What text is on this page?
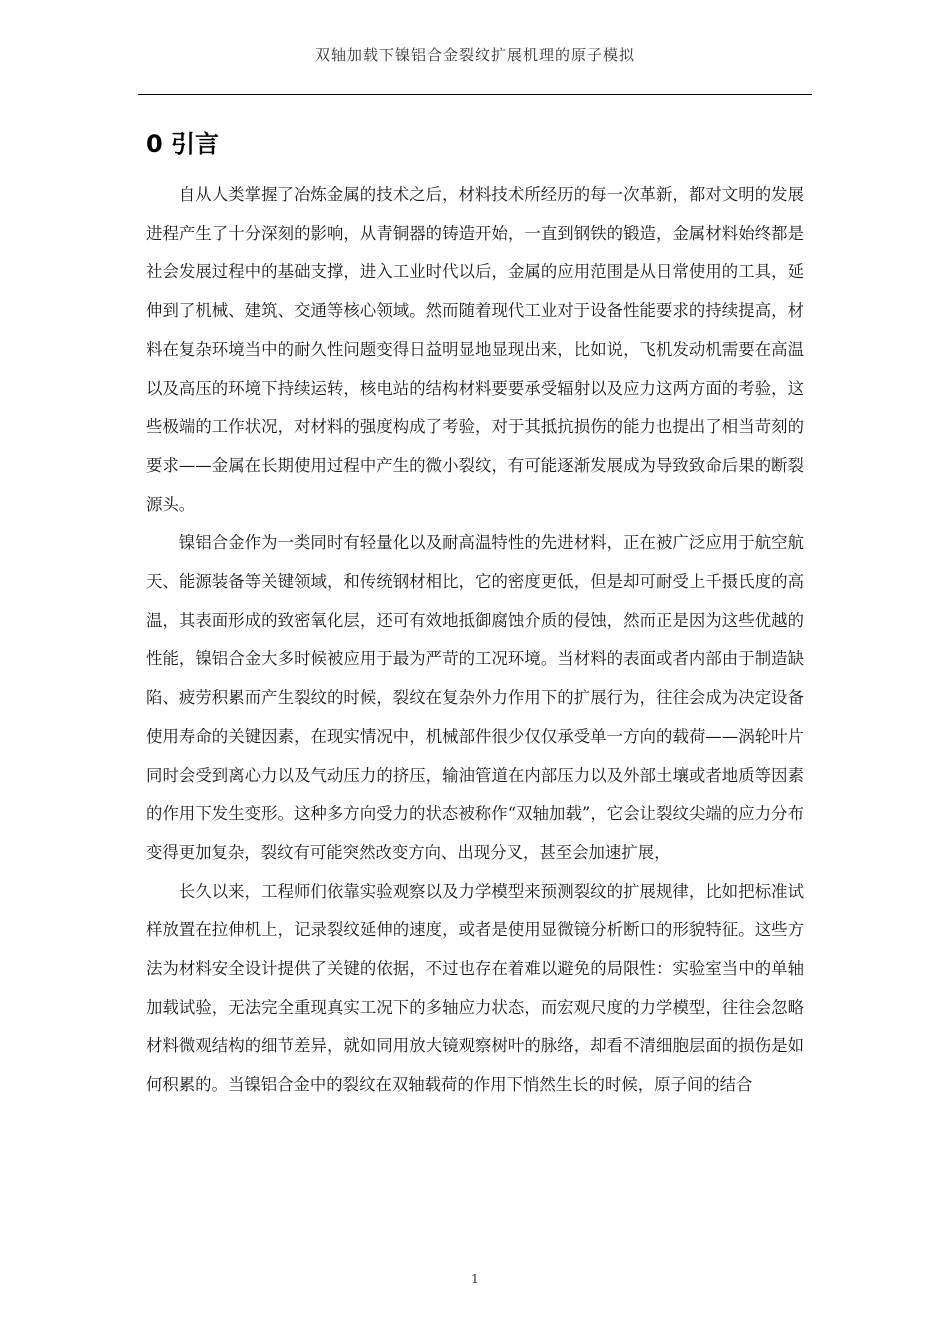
双轴加载下镍铝合金裂纹扩展机理的原子模拟
0 引言

自从人类掌握了冶炼金属的技术之后，材料技术所经历的每一次革新，都对文明的发展进程产生了十分深刻的影响，从青铜器的铸造开始，一直到钢铁的锻造，金属材料始终都是社会发展过程中的基础支撑，进入工业时代以后，金属的应用范围是从日常使用的工具，延伸到了机械、建筑、交通等核心领域。然而随着现代工业对于设备性能要求的持续提高，材料在复杂环境当中的耐久性问题变得日益明显地显现出来，比如说，飞机发动机需要在高温以及高压的环境下持续运转，核电站的结构材料要要承受辐射以及应力这两方面的考验，这些极端的工作状况，对材料的强度构成了考验，对于其抵抗损伤的能力也提出了相当苛刻的要求——金属在长期使用过程中产生的微小裂纹，有可能逐渐发展成为导致致命后果的断裂源头。

镍铝合金作为一类同时有轻量化以及耐高温特性的先进材料，正在被广泛应用于航空航天、能源装备等关键领域，和传统钢材相比，它的密度更低，但是却可耐受上千摄氏度的高温，其表面形成的致密氧化层，还可有效地抵御腐蚀介质的侵蚀，然而正是因为这些优越的性能，镍铝合金大多时候被应用于最为严苛的工况环境。当材料的表面或者内部由于制造缺陷、疲劳积累而产生裂纹的时候，裂纹在复杂外力作用下的扩展行为，往往会成为决定设备使用寿命的关键因素，在现实情况中，机械部件很少仅仅承受单一方向的载荷——涡轮叶片同时会受到离心力以及气动压力的挤压，输油管道在内部压力以及外部土壤或者地质等因素的作用下发生变形。这种多方向受力的状态被称作“双轴加载”，它会让裂纹尖端的应力分布变得更加复杂，裂纹有可能突然改变方向、出现分叉，甚至会加速扩展，

长久以来，工程师们依靠实验观察以及力学模型来预测裂纹的扩展规律，比如把标准试样放置在拉伸机上，记录裂纹延伸的速度，或者是使用显微镜分析断口的形貌特征。这些方法为材料安全设计提供了关键的依据，不过也存在着难以避免的局限性：实验室当中的单轴加载试验，无法完全重现真实工况下的多轴应力状态，而宏观尺度的力学模型，往往会忽略材料微观结构的细节差异，就如同用放大镜观察树叶的脉络，却看不清细胞层面的损伤是如何积累的。当镍铝合金中的裂纹在双轴载荷的作用下悄然生长的时候，原子间的结合

1
